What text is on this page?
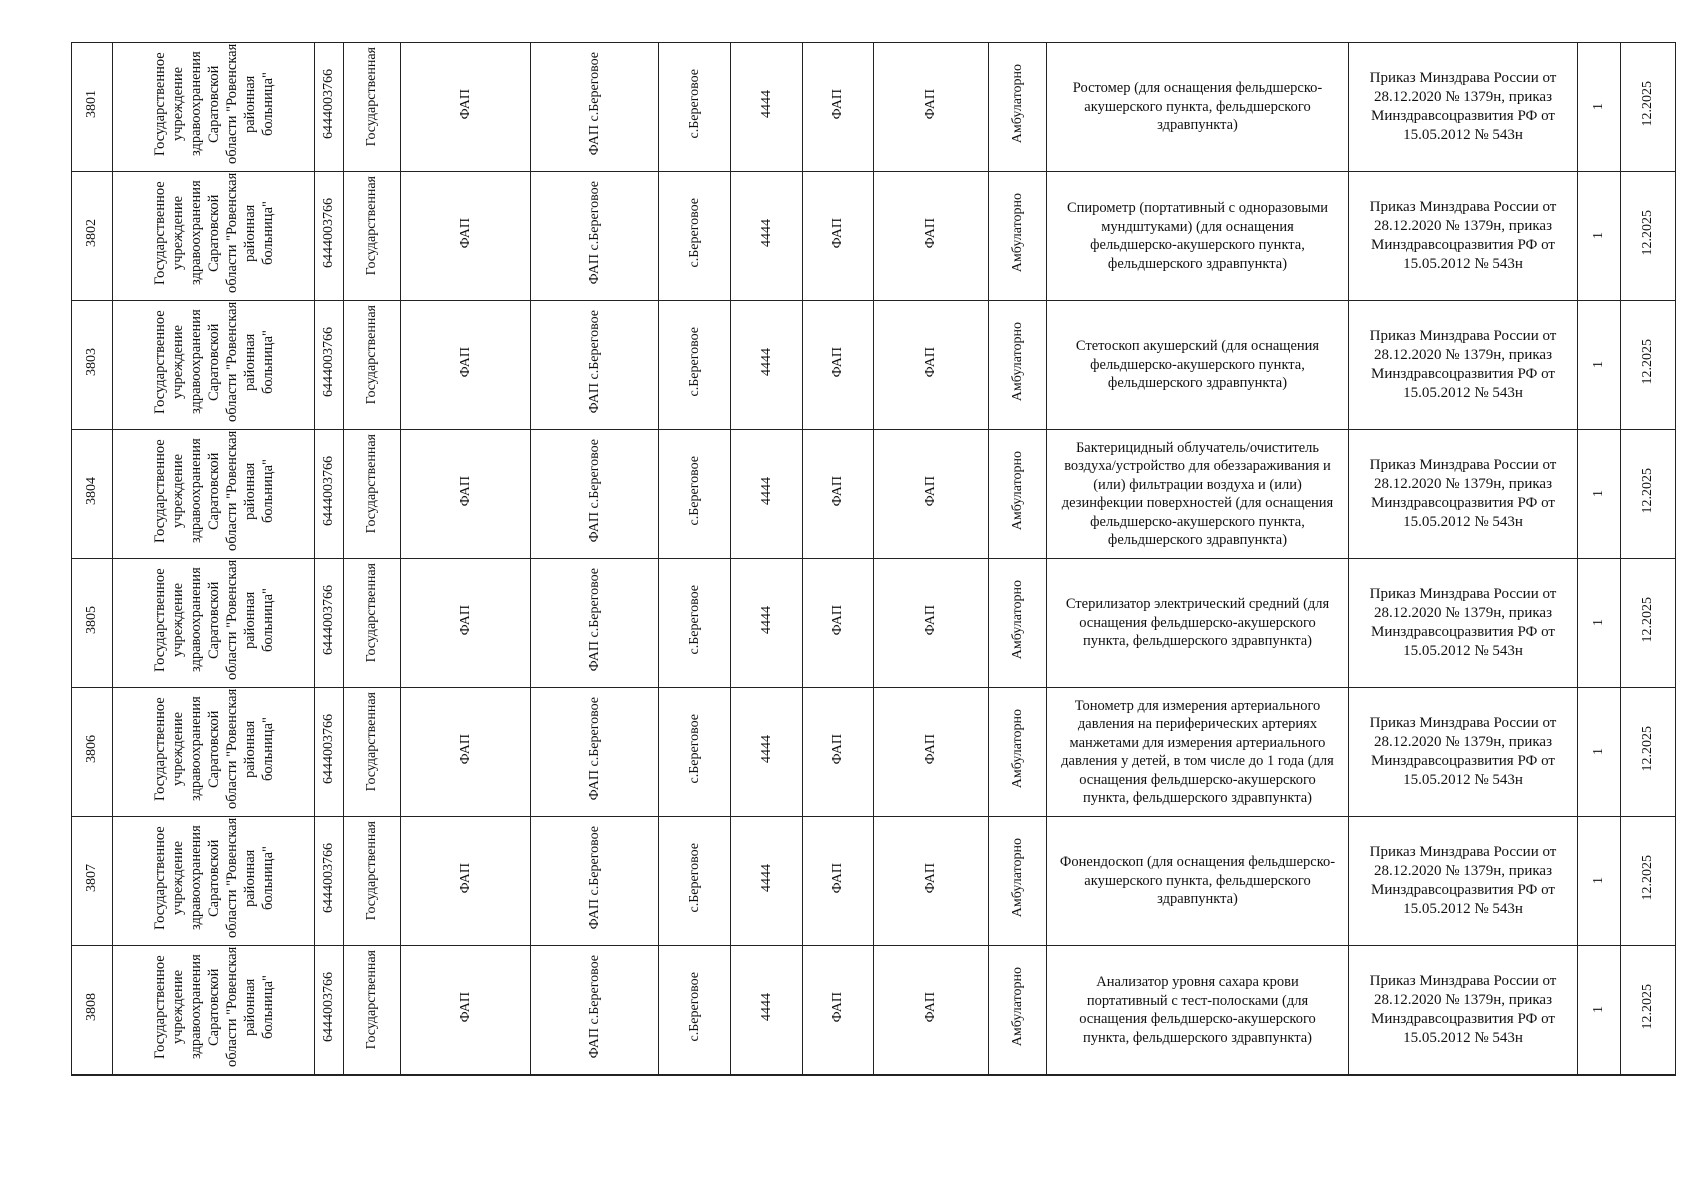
3801	Государственное учреждение здравоохранения Саратовской области "Ровенская районная больница"	6444003766	Государственная	ФАП	ФАП с.Береговое	с.Береговое	4444	ФАП	ФАП	Амбулаторно	Ростомер (для оснащения фельдшерско-акушерского пункта, фельдшерского здравпункта)	Приказ Минздрава России от 28.12.2020 № 1379н, приказ Минздравсоцразвития РФ от 15.05.2012 № 543н	1	12.2025
3802	Государственное учреждение здравоохранения Саратовской области "Ровенская районная больница"	6444003766	Государственная	ФАП	ФАП с.Береговое	с.Береговое	4444	ФАП	ФАП	Амбулаторно	Спирометр (портативный с одноразовыми мундштуками) (для оснащения фельдшерско-акушерского пункта, фельдшерского здравпункта)	Приказ Минздрава России от 28.12.2020 № 1379н, приказ Минздравсоцразвития РФ от 15.05.2012 № 543н	1	12.2025
3803	Государственное учреждение здравоохранения Саратовской области "Ровенская районная больница"	6444003766	Государственная	ФАП	ФАП с.Береговое	с.Береговое	4444	ФАП	ФАП	Амбулаторно	Стетоскоп акушерский (для оснащения фельдшерско-акушерского пункта, фельдшерского здравпункта)	Приказ Минздрава России от 28.12.2020 № 1379н, приказ Минздравсоцразвития РФ от 15.05.2012 № 543н	1	12.2025
3804	Государственное учреждение здравоохранения Саратовской области "Ровенская районная больница"	6444003766	Государственная	ФАП	ФАП с.Береговое	с.Береговое	4444	ФАП	ФАП	Амбулаторно	Бактерицидный облучатель/очиститель воздуха/устройство для обеззараживания и (или) фильтрации воздуха и (или) дезинфекции поверхностей (для оснащения фельдшерско-акушерского пункта, фельдшерского здравпункта)	Приказ Минздрава России от 28.12.2020 № 1379н, приказ Минздравсоцразвития РФ от 15.05.2012 № 543н	1	12.2025
3805	Государственное учреждение здравоохранения Саратовской области "Ровенская районная больница"	6444003766	Государственная	ФАП	ФАП с.Береговое	с.Береговое	4444	ФАП	ФАП	Амбулаторно	Стерилизатор электрический средний (для оснащения фельдшерско-акушерского пункта, фельдшерского здравпункта)	Приказ Минздрава России от 28.12.2020 № 1379н, приказ Минздравсоцразвития РФ от 15.05.2012 № 543н	1	12.2025
3806	Государственное учреждение здравоохранения Саратовской области "Ровенская районная больница"	6444003766	Государственная	ФАП	ФАП с.Береговое	с.Береговое	4444	ФАП	ФАП	Амбулаторно	Тонометр для измерения артериального давления на периферических артериях манжетами для измерения артериального давления у детей, в том числе до 1 года (для оснащения фельдшерско-акушерского пункта, фельдшерского здравпункта)	Приказ Минздрава России от 28.12.2020 № 1379н, приказ Минздравсоцразвития РФ от 15.05.2012 № 543н	1	12.2025
3807	Государственное учреждение здравоохранения Саратовской области "Ровенская районная больница"	6444003766	Государственная	ФАП	ФАП с.Береговое	с.Береговое	4444	ФАП	ФАП	Амбулаторно	Фонендоскоп (для оснащения фельдшерско-акушерского пункта, фельдшерского здравпункта)	Приказ Минздрава России от 28.12.2020 № 1379н, приказ Минздравсоцразвития РФ от 15.05.2012 № 543н	1	12.2025
3808	Государственное учреждение здравоохранения Саратовской области "Ровенская районная больница"	6444003766	Государственная	ФАП	ФАП с.Береговое	с.Береговое	4444	ФАП	ФАП	Амбулаторно	Анализатор уровня сахара крови портативный с тест-полосками (для оснащения фельдшерско-акушерского пункта, фельдшерского здравпункта)	Приказ Минздрава России от 28.12.2020 № 1379н, приказ Минздравсоцразвития РФ от 15.05.2012 № 543н	1	12.2025
